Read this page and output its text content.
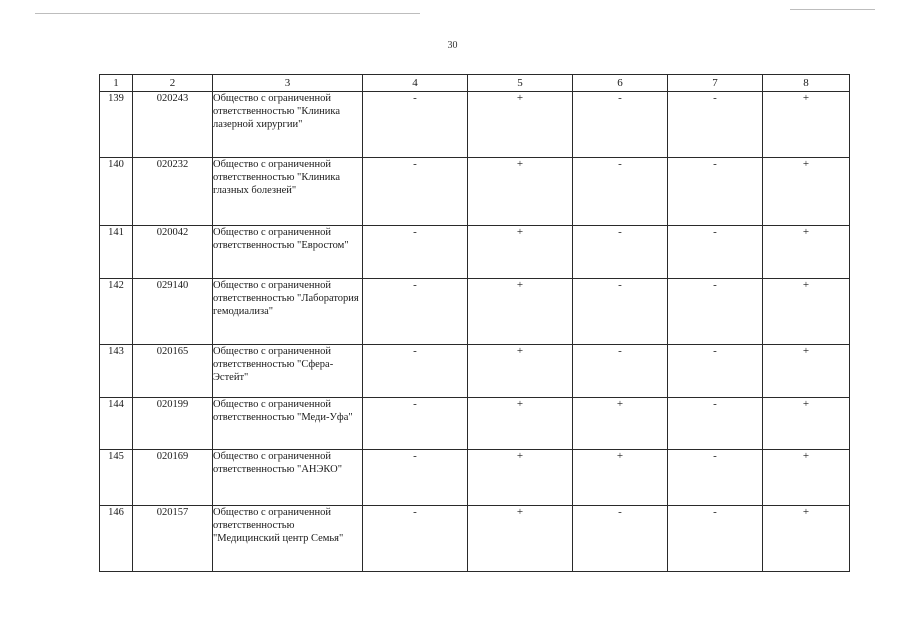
30
1	2	3	4	5	6	7	8
139	020243	Общество с ограниченной ответственностью "Клиника лазерной хирургии"	-	+	-	-	+
140	020232	Общество с ограниченной ответственностью "Клиника глазных болезней"	-	+	-	-	+
141	020042	Общество с ограниченной ответственностью "Евростом"	-	+	-	-	+
142	029140	Общество с ограниченной ответственностью "Лаборатория гемодиализа"	-	+	-	-	+
143	020165	Общество с ограниченной ответственностью "Сфера-Эстейт"	-	+	-	-	+
144	020199	Общество с ограниченной ответственностью "Меди-Уфа"	-	+	+	-	+
145	020169	Общество с ограниченной ответственностью "АНЭКО"	-	+	+	-	+
146	020157	Общество с ограниченной ответственностью "Медицинский центр Семья"	-	+	-	-	+
